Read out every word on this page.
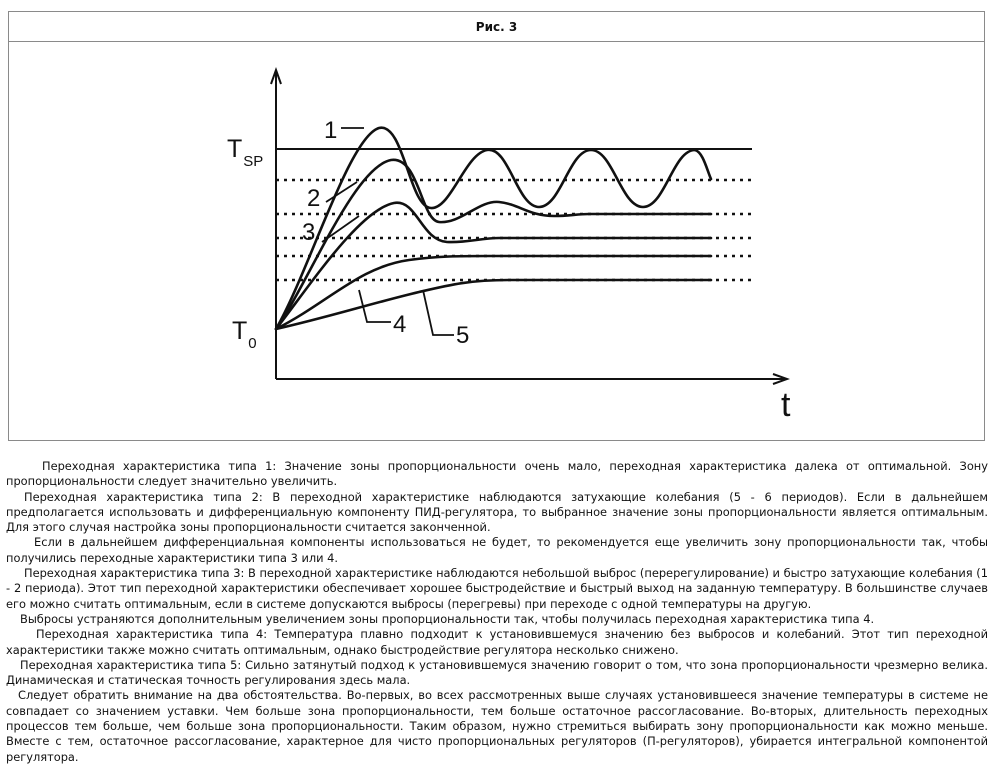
Рис. 3
$T_{SP}$
$T_0$
t
1
2
3
4 5

Переходная характеристика типа 1: Значение зоны пропорциональности очень мало, переходная характеристика далека от оптимальной. Зону пропорциональности следует значительно увеличить.

Переходная характеристика типа 2: В переходной характеристике наблюдаются затухающие колебания (5 - 6 периодов). Если в дальнейшем предполагается использовать и дифференциальную компоненту ПИД-регулятора, то выбранное значение зоны пропорциональности является оптимальным. Для этого случая настройка зоны пропорциональности считается законченной.

Если в дальнейшем дифференциальная компоненты использоваться не будет, то рекомендуется еще увеличить зону пропорциональности так, чтобы получились переходные характеристики типа 3 или 4.

Переходная характеристика типа 3: В переходной характеристике наблюдаются небольшой выброс (перерегулирование) и быстро затухающие колебания (1 - 2 периода). Этот тип переходной характеристики обеспечивает хорошее быстродействие и быстрый выход на заданную температуру. В большинстве случаев его можно считать оптимальным, если в системе допускаются выбросы (перегревы) при переходе с одной температуры на другую.

Выбросы устраняются дополнительным увеличением зоны пропорциональности так, чтобы получилась переходная характеристика типа 4.

Переходная характеристика типа 4: Температура плавно подходит к установившемуся значению без выбросов и колебаний. Этот тип переходной характеристики также можно считать оптимальным, однако быстродействие регулятора несколько снижено.

Переходная характеристика типа 5: Сильно затянутый подход к установившемуся значению говорит о том, что зона пропорциональности чрезмерно велика. Динамическая и статическая точность регулирования здесь мала.

Следует обратить внимание на два обстоятельства. Во-первых, во всех рассмотренных выше случаях установившееся значение температуры в системе не совпадает со значением уставки. Чем больше зона пропорциональности, тем больше остаточное рассогласование. Во-вторых, длительность переходных процессов тем больше, чем больше зона пропорциональности. Таким образом, нужно стремиться выбирать зону пропорциональности как можно меньше. Вместе с тем, остаточное рассогласование, характерное для чисто пропорциональных регуляторов (П-регуляторов), убирается интегральной компонентой регулятора.
